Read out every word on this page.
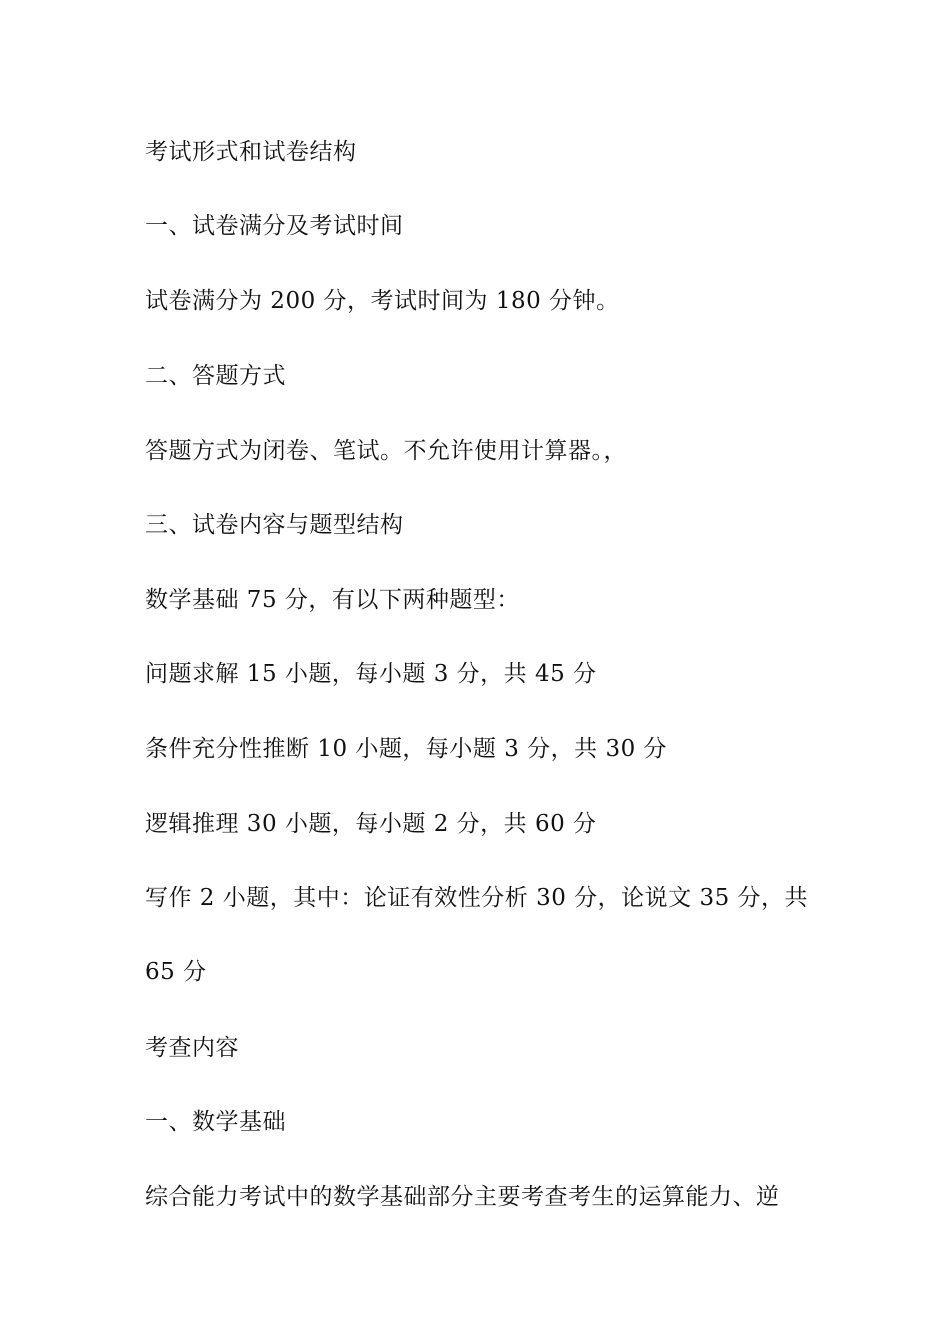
考试形式和试卷结构
一、试卷满分及考试时间
试卷满分为 200 分，考试时间为 180 分钟。
二、答题方式
答题方式为闭卷、笔试。不允许使用计算器。，
三、试卷内容与题型结构
数学基础 75 分，有以下两种题型：
问题求解 15 小题，每小题 3 分，共 45 分
条件充分性推断 10 小题，每小题 3 分，共 30 分
逻辑推理 30 小题，每小题 2 分，共 60 分
写作 2 小题，其中：论证有效性分析 30 分，论说文 35 分，共
65 分
考查内容
一、数学基础
综合能力考试中的数学基础部分主要考查考生的运算能力、逆
